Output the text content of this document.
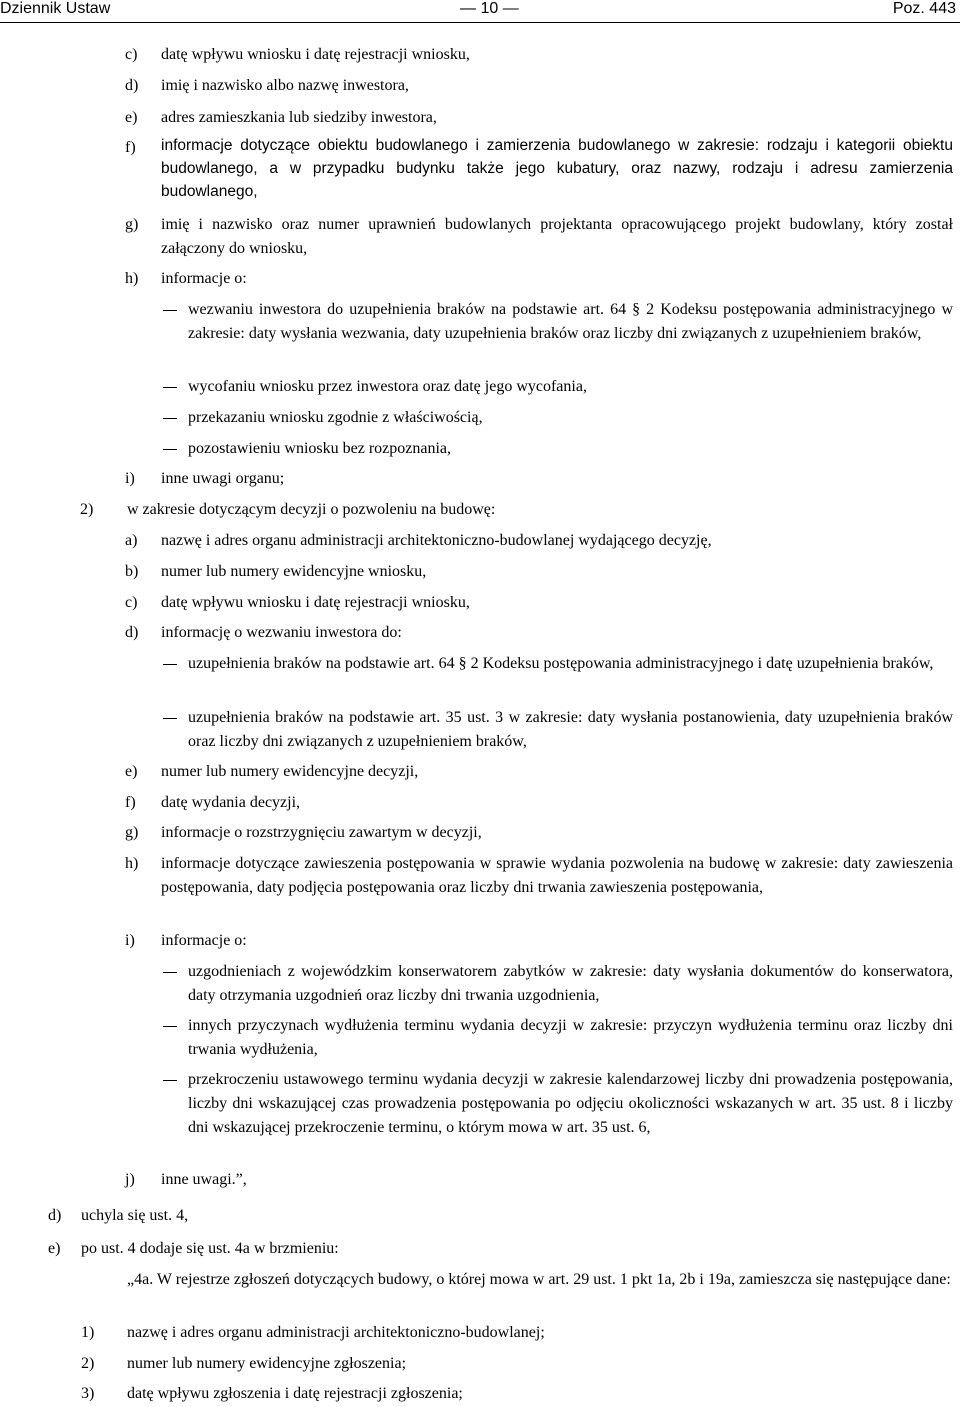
Dziennik Ustaw	— 10 —	Poz. 443
c) datę wpływu wniosku i datę rejestracji wniosku,
d) imię i nazwisko albo nazwę inwestora,
e) adres zamieszkania lub siedziby inwestora,
f) informacje dotyczące obiektu budowlanego i zamierzenia budowlanego w zakresie: rodzaju i kategorii obiektu budowlanego, a w przypadku budynku także jego kubatury, oraz nazwy, rodzaju i adresu zamierzenia budowlanego,
g) imię i nazwisko oraz numer uprawnień budowlanych projektanta opracowującego projekt budowlany, który został załączony do wniosku,
h) informacje o:
wezwaniu inwestora do uzupełnienia braków na podstawie art. 64 § 2 Kodeksu postępowania administracyjnego w zakresie: daty wysłania wezwania, daty uzupełnienia braków oraz liczby dni związanych z uzupełnieniem braków,
wycofaniu wniosku przez inwestora oraz datę jego wycofania,
przekazaniu wniosku zgodnie z właściwością,
pozostawieniu wniosku bez rozpoznania,
i) inne uwagi organu;
2) w zakresie dotyczącym decyzji o pozwoleniu na budowę:
a) nazwę i adres organu administracji architektoniczno-budowlanej wydającego decyzję,
b) numer lub numery ewidencyjne wniosku,
c) datę wpływu wniosku i datę rejestracji wniosku,
d) informację o wezwaniu inwestora do:
uzupełnienia braków na podstawie art. 64 § 2 Kodeksu postępowania administracyjnego i datę uzupełnienia braków,
uzupełnienia braków na podstawie art. 35 ust. 3 w zakresie: daty wysłania postanowienia, daty uzupełnienia braków oraz liczby dni związanych z uzupełnieniem braków,
e) numer lub numery ewidencyjne decyzji,
f) datę wydania decyzji,
g) informacje o rozstrzygnięciu zawartym w decyzji,
h) informacje dotyczące zawieszenia postępowania w sprawie wydania pozwolenia na budowę w zakresie: daty zawieszenia postępowania, daty podjęcia postępowania oraz liczby dni trwania zawieszenia postępowania,
i) informacje o:
uzgodnieniach z wojewódzkim konserwatorem zabytków w zakresie: daty wysłania dokumentów do konserwatora, daty otrzymania uzgodnień oraz liczby dni trwania uzgodnienia,
innych przyczynach wydłużenia terminu wydania decyzji w zakresie: przyczyn wydłużenia terminu oraz liczby dni trwania wydłużenia,
przekroczeniu ustawowego terminu wydania decyzji w zakresie kalendarzowej liczby dni prowadzenia postępowania, liczby dni wskazującej czas prowadzenia postępowania po odjęciu okoliczności wskazanych w art. 35 ust. 8 i liczby dni wskazującej przekroczenie terminu, o którym mowa w art. 35 ust. 6,
j) inne uwagi.”,
d) uchyla się ust. 4,
e) po ust. 4 dodaje się ust. 4a w brzmieniu:
„4a. W rejestrze zgłoszeń dotyczących budowy, o której mowa w art. 29 ust. 1 pkt 1a, 2b i 19a, zamieszcza się następujące dane:
1) nazwę i adres organu administracji architektoniczno-budowlanej;
2) numer lub numery ewidencyjne zgłoszenia;
3) datę wpływu zgłoszenia i datę rejestracji zgłoszenia;
